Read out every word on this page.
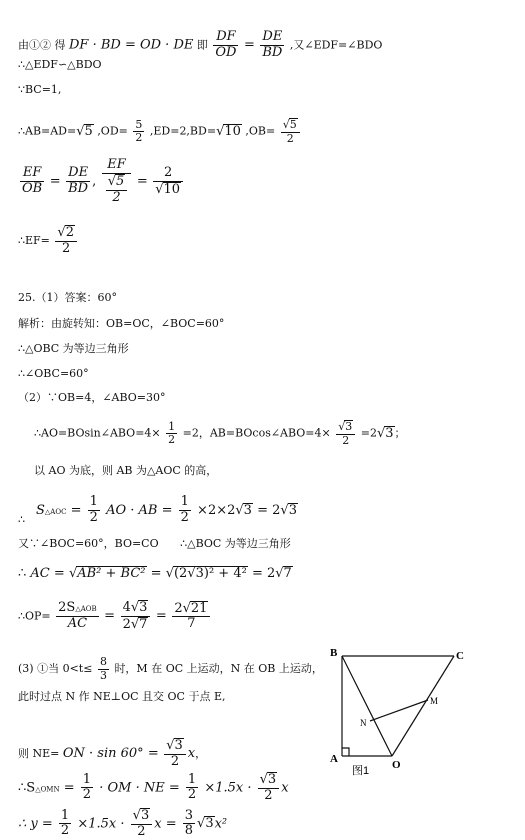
由①② 得 DF · BD = OD · DE 即 $\frac{DF}{OD} = \frac{DE}{BD}$ ,又∠EDF=∠BDO
∴△EDF∽△BDO
∵BC=1,
∴AB=AD=√5 $,OD= \frac{5}{2} ,ED=2,BD=√10$ $,OB= \frac{√5}{2}$
$\frac{EF}{OB} = \frac{DE}{BD}$ , $\frac{EF}{\frac{√5}{2}} = \frac{2}{√10}$
∴EF= $\frac{√2}{2}$
25.（1）答案：60°
解析：由旋转知：OB=OC，∠BOC=60°
∴△OBC 为等边三角形
∴∠OBC=60°
（2）∵OB=4，∠ABO=30°
∴AO=BOsin∠ABO=4× $\frac{1}{2} =2$，AB=BOcos∠ABO=4× $\frac{√3}{2} =2√3$；
以 AO 为底，则 AB 为△AOC 的高，
S△AOC = $\frac{1}{2}$ AO · AB = $\frac{1}{2} \times 2\times 2√3 = 2√3$
∴
又∵∠BOC=60°，BO=CO ∴△BOC 为等边三角形
∴ AC = √AB² + BC² = √(2√3)² + 4² = 2√7
∴OP=
2S△AOB
AC	= $\frac{4√3}{2√7} = \frac{2√21}{7}$
(3) ①当 $0<t\le \frac{8}{3}$ 时，M 在 OC 上运动，N 在 OB 上运动，
此时过点 N 作 NE⊥OC 且交 OC 于点 E,
则 NE= ON · $\sin 60^\circ = \frac{√3}{2}$ x，
∴S△OMN = $\frac{1}{2}$ · OM · NE = $\frac{1}{2} \times 1.5x \cdot \frac{√3}{2}$ x
∴ $y = \frac{1}{2} \times 1.5x \cdot \frac{√3}{2}$ $x = \frac{3}{8} √3x^2$
B	C
A	O
N
M
图1
